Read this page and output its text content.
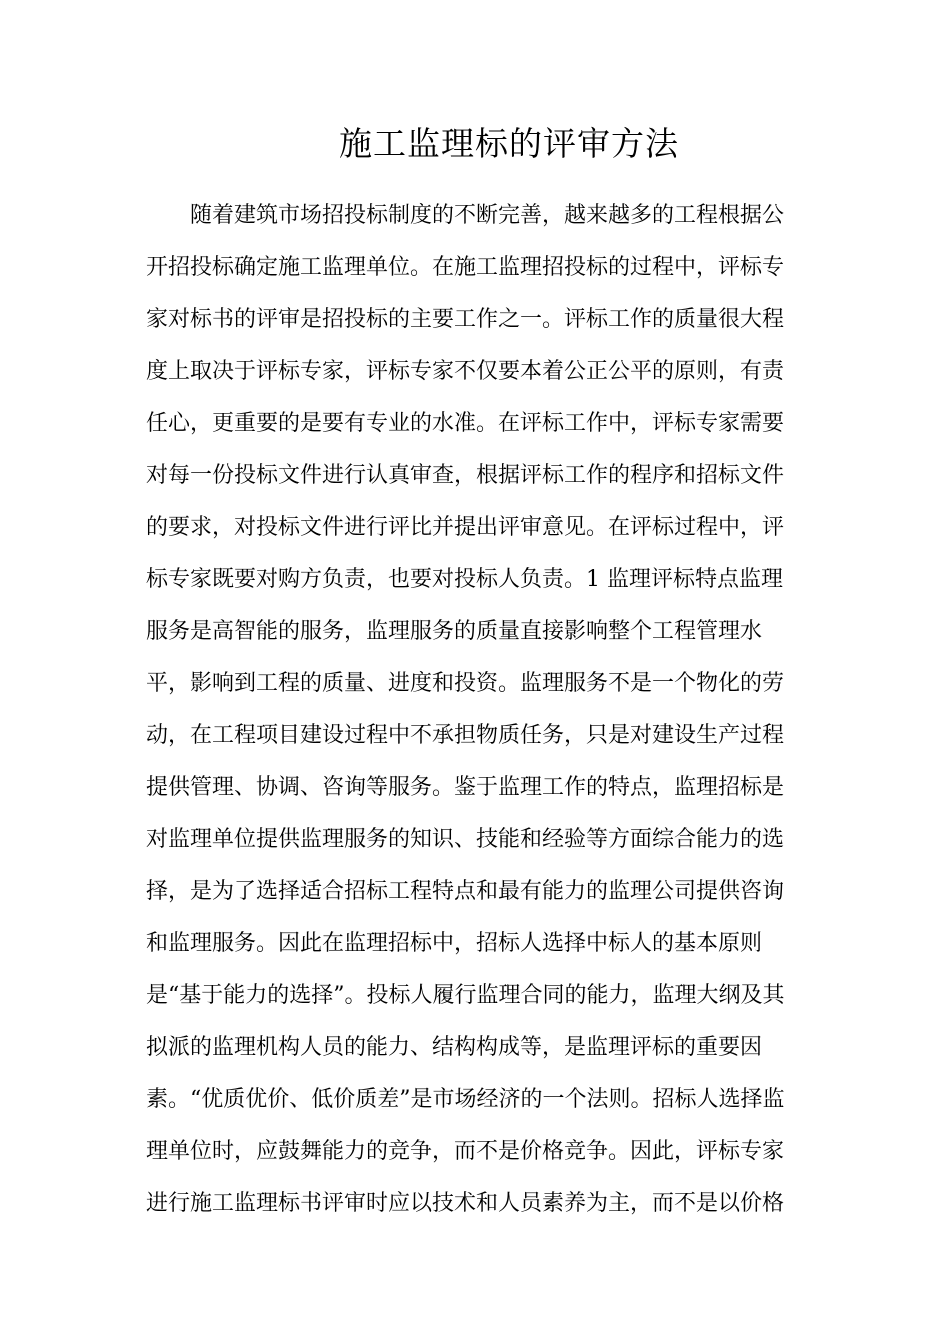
施工监理标的评审方法
随着建筑市场招投标制度的不断完善，越来越多的工程根据公
开招投标确定施工监理单位。在施工监理招投标的过程中，评标专
家对标书的评审是招投标的主要工作之一。评标工作的质量很大程
度上取决于评标专家，评标专家不仅要本着公正公平的原则，有责
任心，更重要的是要有专业的水准。在评标工作中，评标专家需要
对每一份投标文件进行认真审查，根据评标工作的程序和招标文件
的要求，对投标文件进行评比并提出评审意见。在评标过程中，评
标专家既要对购方负责，也要对投标人负责。1 监理评标特点监理
服务是高智能的服务，监理服务的质量直接影响整个工程管理水
平，影响到工程的质量、进度和投资。监理服务不是一个物化的劳
动，在工程项目建设过程中不承担物质任务，只是对建设生产过程
提供管理、协调、咨询等服务。鉴于监理工作的特点，监理招标是
对监理单位提供监理服务的知识、技能和经验等方面综合能力的选
择，是为了选择适合招标工程特点和最有能力的监理公司提供咨询
和监理服务。因此在监理招标中，招标人选择中标人的基本原则
是“基于能力的选择”。投标人履行监理合同的能力，监理大纲及其
拟派的监理机构人员的能力、结构构成等，是监理评标的重要因
素。“优质优价、低价质差”是市场经济的一个法则。招标人选择监
理单位时，应鼓舞能力的竞争，而不是价格竞争。因此，评标专家
进行施工监理标书评审时应以技术和人员素养为主，而不是以价格
